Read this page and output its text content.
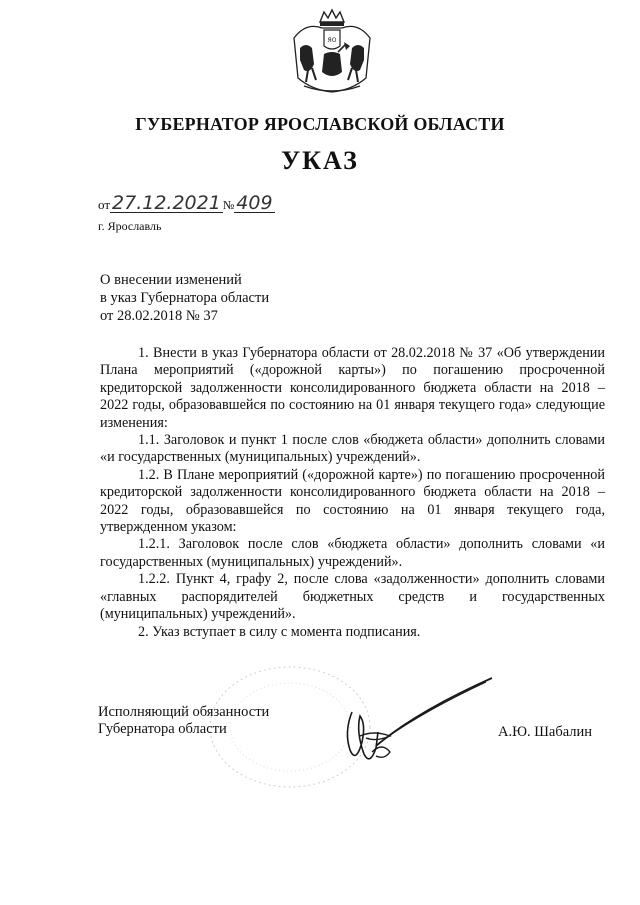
ЯО
ГУБЕРНАТОР ЯРОСЛАВСКОЙ ОБЛАСТИ
УКАЗ
от 27.12.2021 № 409
г. Ярославль
О внесении изменений
в указ Губернатора области
от 28.02.2018 № 37

1. Внести в указ Губернатора области от 28.02.2018 № 37 «Об утверждении Плана мероприятий («дорожной карты») по погашению просроченной кредиторской задолженности консолидированного бюджета области на 2018 – 2022 годы, образовавшейся по состоянию на 01 января текущего года» следующие изменения:

1.1. Заголовок и пункт 1 после слов «бюджета области» дополнить словами «и государственных (муниципальных) учреждений».

1.2. В Плане мероприятий («дорожной карте») по погашению просроченной кредиторской задолженности консолидированного бюджета области на 2018 – 2022 годы, образовавшейся по состоянию на 01 января текущего года, утвержденном указом:

1.2.1. Заголовок после слов «бюджета области» дополнить словами «и государственных (муниципальных) учреждений».

1.2.2. Пункт 4, графу 2, после слова «задолженности» дополнить словами «главных распорядителей бюджетных средств и государственных (муниципальных) учреждений».

2. Указ вступает в силу с момента подписания.

Исполняющий обязанности
Губернатора области	А.Ю. Шабалин
